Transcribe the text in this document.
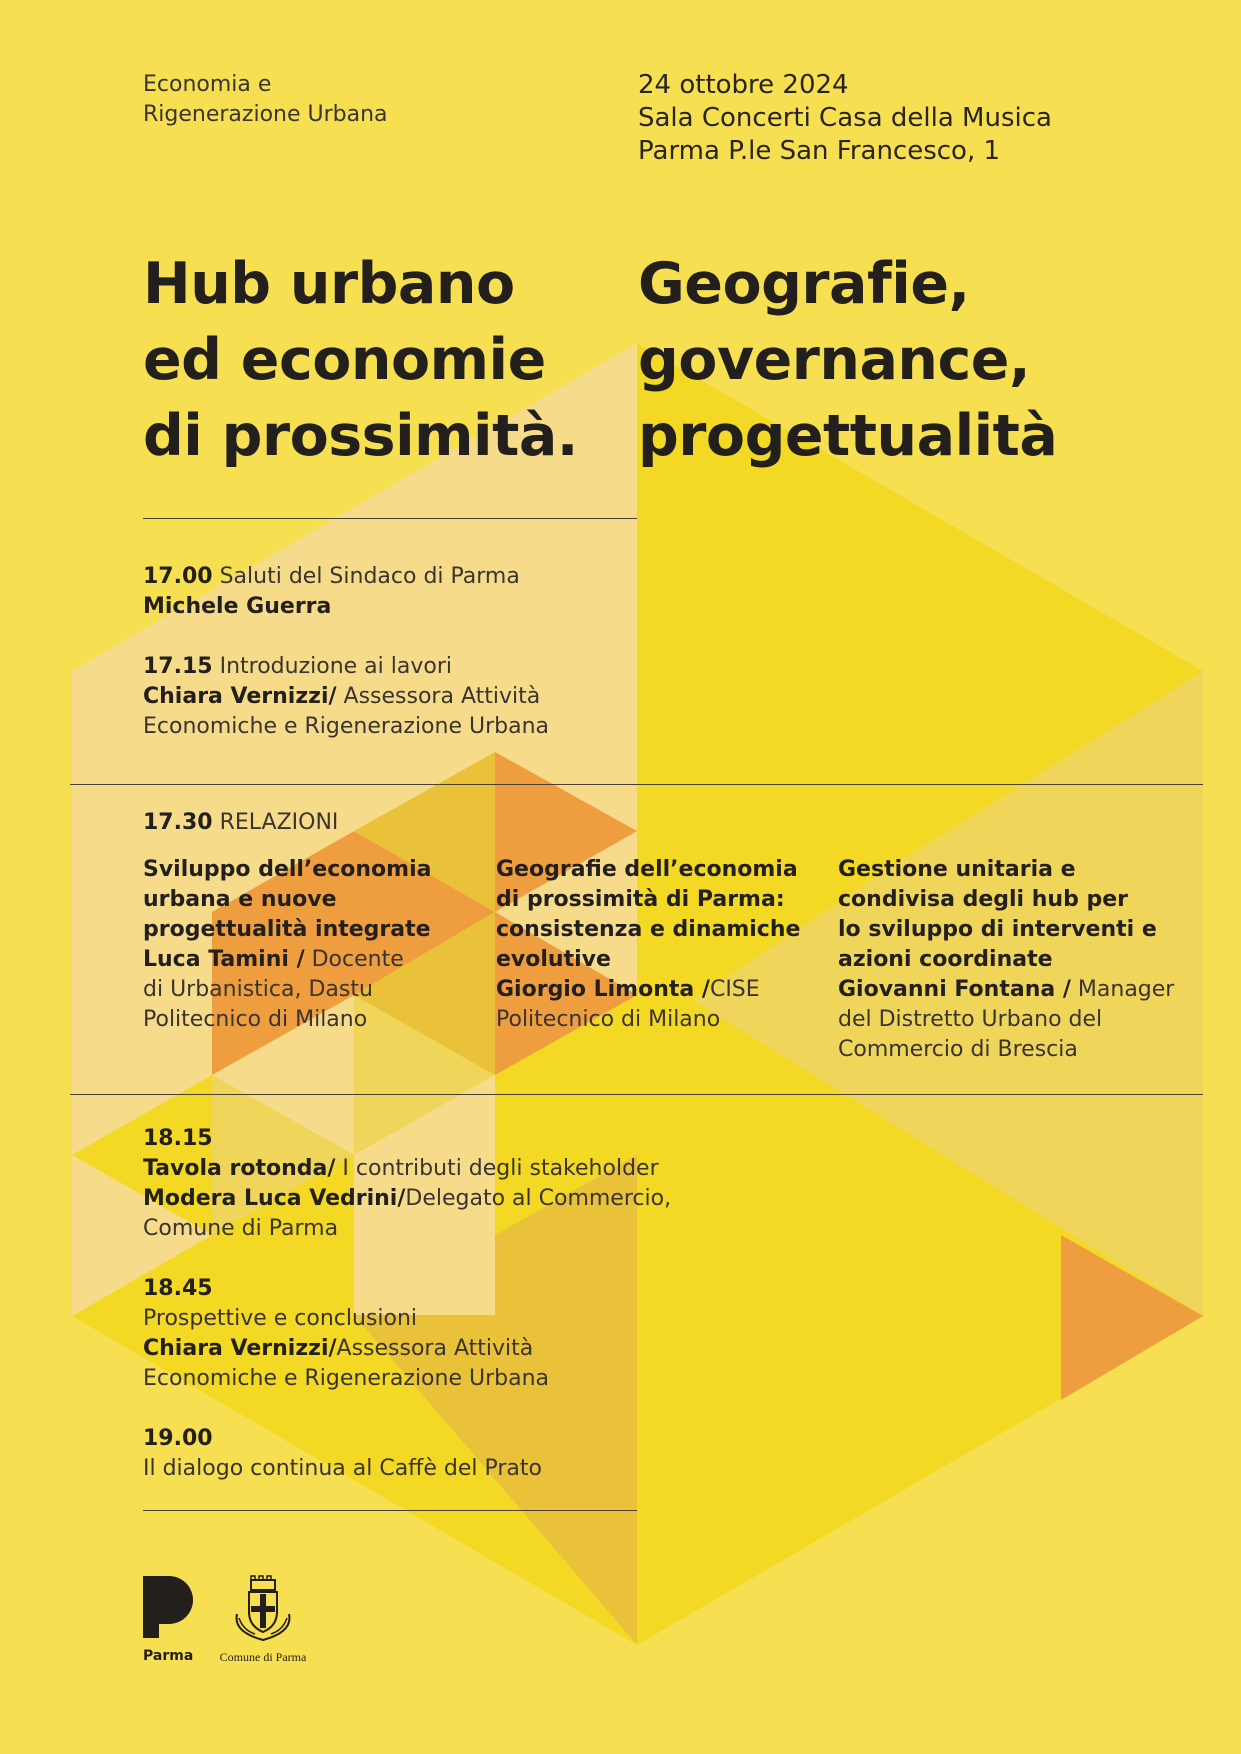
Economia e
Rigenerazione Urbana
24 ottobre 2024
Sala Concerti Casa della Musica
Parma P.le San Francesco, 1
Hub urbano
ed economie
di prossimità.
Geografie,
governance,
progettualità
17.00 Saluti del Sindaco di Parma
Michele Guerra
17.15 Introduzione ai lavori
Chiara Vernizzi/ Assessora Attività
Economiche e Rigenerazione Urbana
17.30 RELAZIONI
Sviluppo dell’economia
urbana e nuove
progettualità integrate
Luca Tamini / Docente
di Urbanistica, Dastu
Politecnico di Milano
Geografie dell’economia
di prossimità di Parma:
consistenza e dinamiche
evolutive
Giorgio Limonta /CISE
Politecnico di Milano
Gestione unitaria e
condivisa degli hub per
lo sviluppo di interventi e
azioni coordinate
Giovanni Fontana / Manager
del Distretto Urbano del
Commercio di Brescia
18.15
Tavola rotonda/ I contributi degli stakeholder
Modera Luca Vedrini/Delegato al Commercio,
Comune di Parma
18.45
Prospettive e conclusioni
Chiara Vernizzi/Assessora Attività
Economiche e Rigenerazione Urbana
19.00
Il dialogo continua al Caffè del Prato
Parma	Comune di Parma
